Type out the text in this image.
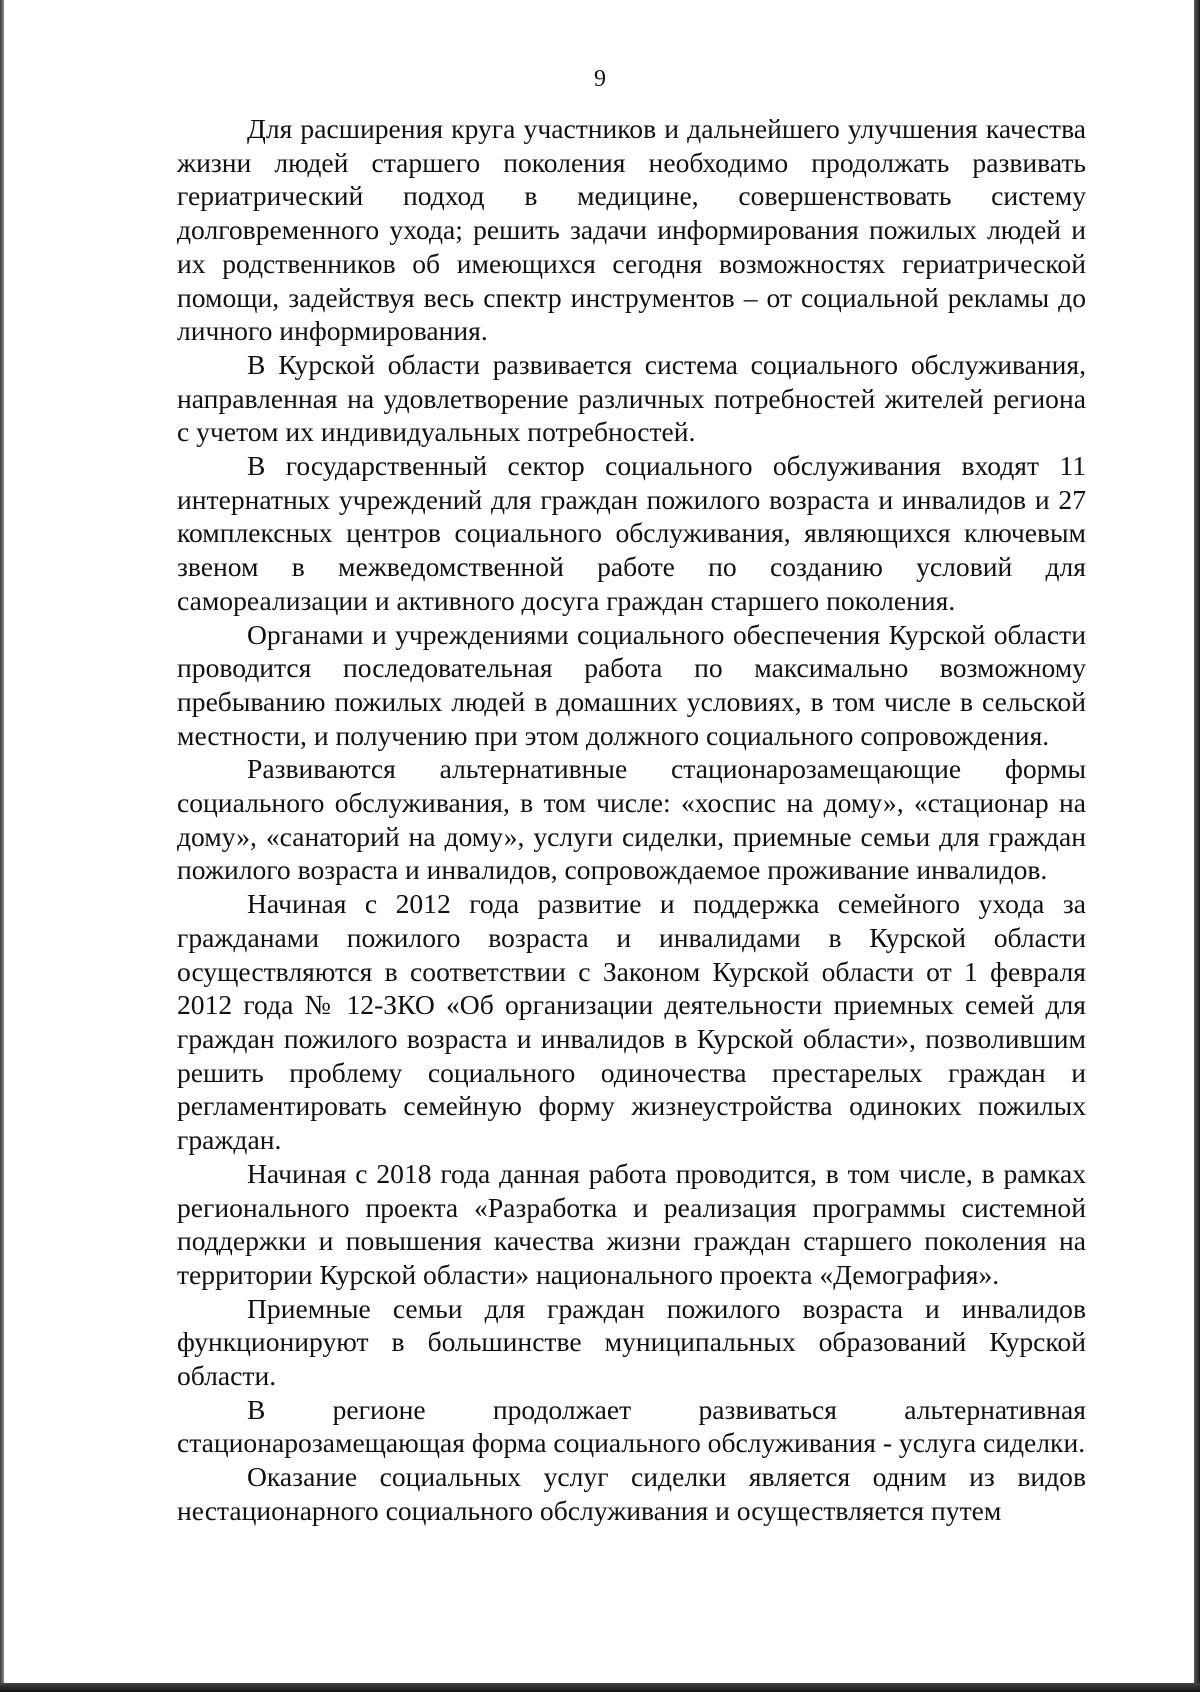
9

Для расширения круга участников и дальнейшего улучшения качества жизни людей старшего поколения необходимо продолжать развивать гериатрический подход в медицине, совершенствовать систему долговременного ухода; решить задачи информирования пожилых людей и их родственников об имеющихся сегодня возможностях гериатрической помощи, задействуя весь спектр инструментов – от социальной рекламы до личного информирования.

В Курской области развивается система социального обслуживания, направленная на удовлетворение различных потребностей жителей региона с учетом их индивидуальных потребностей.

В государственный сектор социального обслуживания входят 11 интернатных учреждений для граждан пожилого возраста и инвалидов и 27 комплексных центров социального обслуживания, являющихся ключевым звеном в межведомственной работе по созданию условий для самореализации и активного досуга граждан старшего поколения.

Органами и учреждениями социального обеспечения Курской области проводится последовательная работа по максимально возможному пребыванию пожилых людей в домашних условиях, в том числе в сельской местности, и получению при этом должного социального сопровождения.

Развиваются альтернативные стационарозамещающие формы социального обслуживания, в том числе: «хоспис на дому», «стационар на дому», «санаторий на дому», услуги сиделки, приемные семьи для граждан пожилого возраста и инвалидов, сопровождаемое проживание инвалидов.

Начиная с 2012 года развитие и поддержка семейного ухода за гражданами пожилого возраста и инвалидами в Курской области осуществляются в соответствии с Законом Курской области от 1 февраля 2012 года № 12-ЗКО «Об организации деятельности приемных семей для граждан пожилого возраста и инвалидов в Курской области», позволившим решить проблему социального одиночества престарелых граждан и регламентировать семейную форму жизнеустройства одиноких пожилых граждан.

Начиная с 2018 года данная работа проводится, в том числе, в рамках регионального проекта «Разработка и реализация программы системной поддержки и повышения качества жизни граждан старшего поколения на территории Курской области» национального проекта «Демография».

Приемные семьи для граждан пожилого возраста и инвалидов функционируют в большинстве муниципальных образований Курской области.

В регионе продолжает развиваться альтернативная стационарозамещающая форма социального обслуживания - услуга сиделки.

Оказание социальных услуг сиделки является одним из видов нестационарного социального обслуживания и осуществляется путем
